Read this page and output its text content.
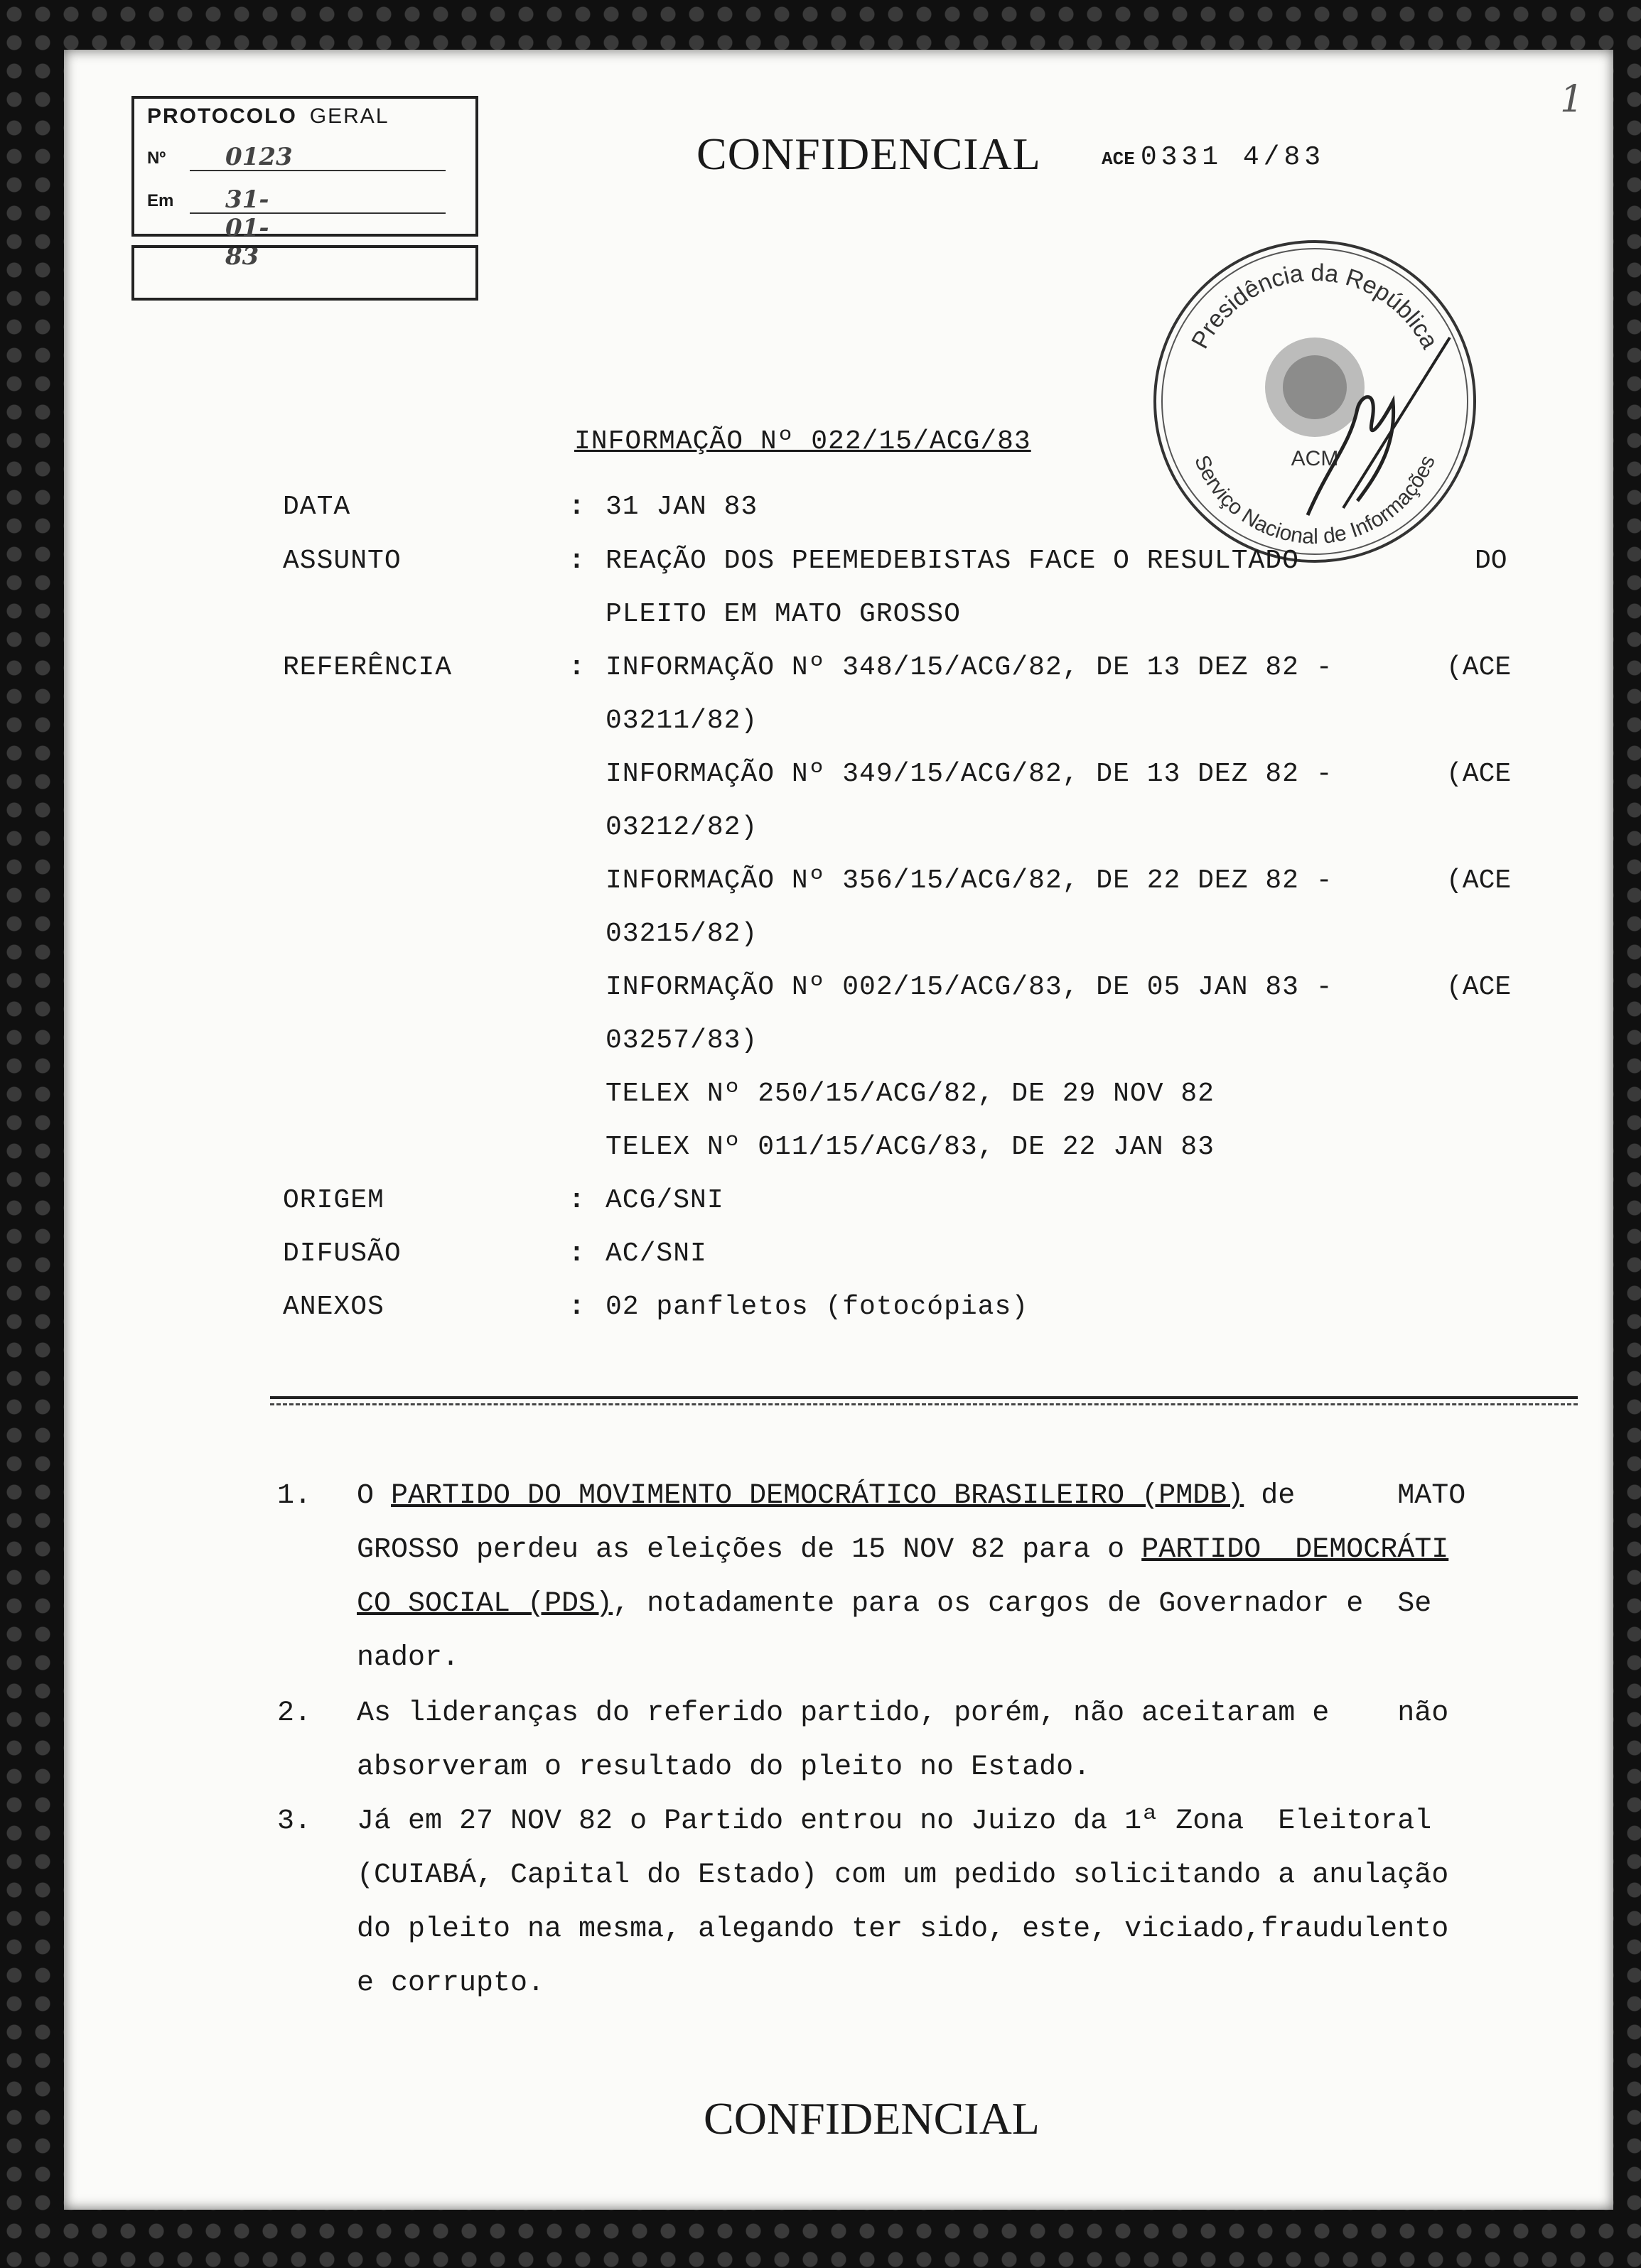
PROTOCOLO GERAL
Nº 0123
Em 31-01-83
CONFIDENCIAL	ACE 0331 4/83
1
Presidência da República
Serviço Nacional de Informações
ACM
INFORMAÇÃO Nº 022/15/ACG/83
DATA	: 31 JAN 83
ASSUNTO	: REAÇÃO DOS PEEMEDEBISTAS FACE O RESULTADO	DO
PLEITO EM MATO GROSSO
REFERÊNCIA	: INFORMAÇÃO Nº 348/15/ACG/82, DE 13 DEZ 82 -	(ACE
03211/82)
INFORMAÇÃO Nº 349/15/ACG/82, DE 13 DEZ 82 -	(ACE
03212/82)
INFORMAÇÃO Nº 356/15/ACG/82, DE 22 DEZ 82 -	(ACE
03215/82)
INFORMAÇÃO Nº 002/15/ACG/83, DE 05 JAN 83 -	(ACE
03257/83)
TELEX Nº 250/15/ACG/82, DE 29 NOV 82
TELEX Nº 011/15/ACG/83, DE 22 JAN 83
ORIGEM	: ACG/SNI
DIFUSÃO	: AC/SNI
ANEXOS	: 02 panfletos (fotocópias)
1. O PARTIDO DO MOVIMENTO DEMOCRÁTICO BRASILEIRO (PMDB) de      MATO
GROSSO perdeu as eleições de 15 NOV 82 para o PARTIDO  DEMOCRÁTI
CO SOCIAL (PDS), notadamente para os cargos de Governador e  Se
nador.
2. As lideranças do referido partido, porém, não aceitaram e    não
absorveram o resultado do pleito no Estado.
3. Já em 27 NOV 82 o Partido entrou no Juizo da 1ª Zona  Eleitoral
(CUIABÁ, Capital do Estado) com um pedido solicitando a anulação
do pleito na mesma, alegando ter sido, este, viciado,fraudulento
e corrupto.
CONFIDENCIAL
